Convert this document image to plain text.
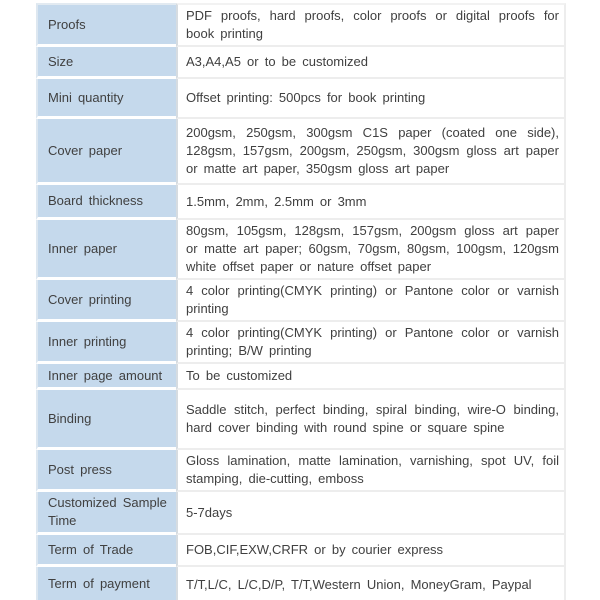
Proofs	PDF proofs, hard proofs, color proofs or digital proofs for book printing
Size	A3,A4,A5 or to be customized
Mini quantity	Offset printing: 500pcs for book printing
Cover paper	200gsm, 250gsm, 300gsm C1S paper (coated one side), 128gsm, 157gsm, 200gsm, 250gsm, 300gsm gloss art paper or matte art paper, 350gsm gloss art paper
Board thickness	1.5mm, 2mm, 2.5mm or 3mm
Inner paper	80gsm, 105gsm, 128gsm, 157gsm, 200gsm gloss art paper or matte art paper; 60gsm, 70gsm, 80gsm, 100gsm, 120gsm white offset paper or nature offset paper
Cover printing	4 color printing(CMYK printing) or Pantone color or varnish printing
Inner printing	4 color printing(CMYK printing) or Pantone color or varnish printing; B/W printing
Inner page amount	To be customized
Binding	Saddle stitch, perfect binding, spiral binding, wire-O binding, hard cover binding with round spine or square spine
Post press	Gloss lamination, matte lamination, varnishing, spot UV, foil stamping, die-cutting, emboss
Customized Sample Time	5-7days
Term of Trade	FOB,CIF,EXW,CRFR or by courier express
Term of payment	T/T,L/C, L/C,D/P, T/T,Western Union, MoneyGram, Paypal
